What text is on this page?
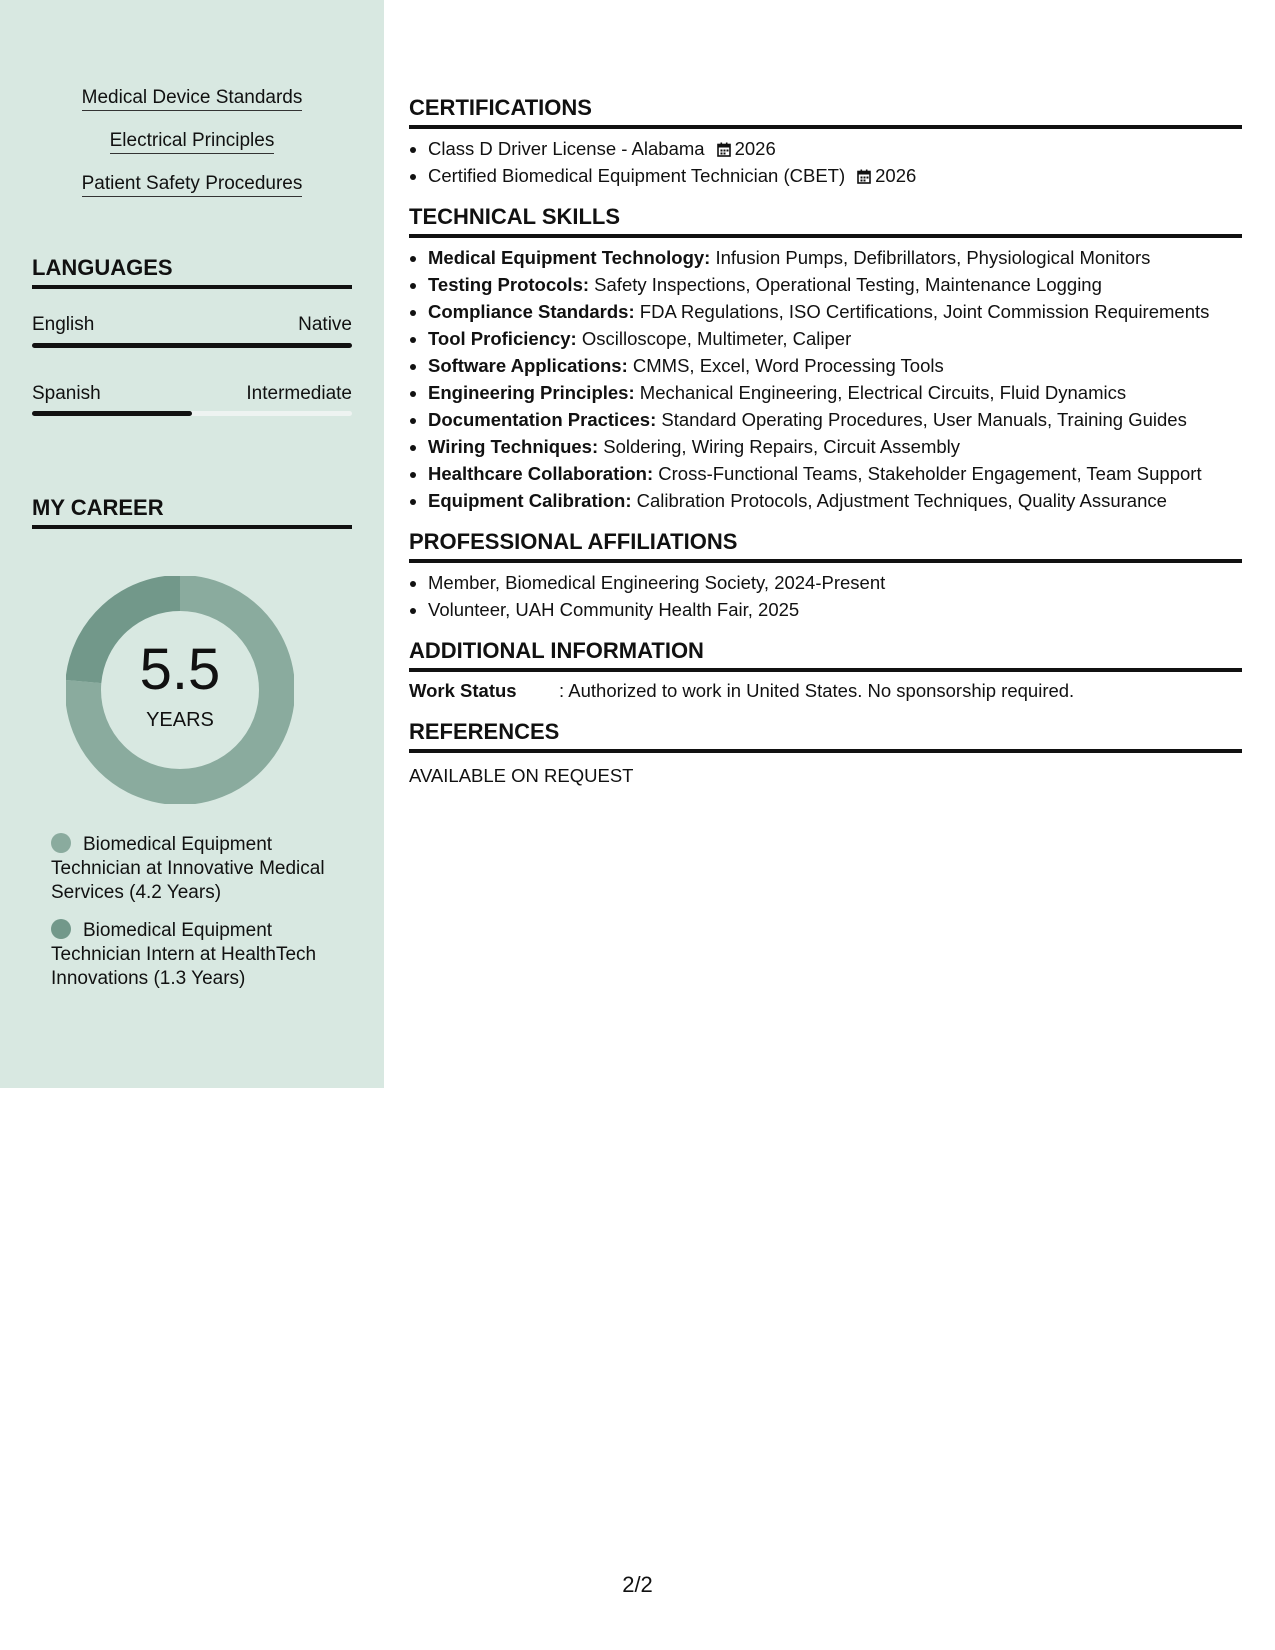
Medical Device Standards
Electrical Principles
Patient Safety Procedures
LANGUAGES
English	Native
Spanish	Intermediate
MY CAREER
5.5
YEARS
Biomedical Equipment Technician at Innovative Medical Services (4.2 Years)
Biomedical Equipment Technician Intern at HealthTech Innovations (1.3 Years)
CERTIFICATIONS
• Class D Driver License - Alabama 2026
• Certified Biomedical Equipment Technician (CBET) 2026
TECHNICAL SKILLS
• Medical Equipment Technology: Infusion Pumps, Defibrillators, Physiological Monitors
• Testing Protocols: Safety Inspections, Operational Testing, Maintenance Logging
• Compliance Standards: FDA Regulations, ISO Certifications, Joint Commission Requirements
• Tool Proficiency: Oscilloscope, Multimeter, Caliper
• Software Applications: CMMS, Excel, Word Processing Tools
• Engineering Principles: Mechanical Engineering, Electrical Circuits, Fluid Dynamics
• Documentation Practices: Standard Operating Procedures, User Manuals, Training Guides
• Wiring Techniques: Soldering, Wiring Repairs, Circuit Assembly
• Healthcare Collaboration: Cross-Functional Teams, Stakeholder Engagement, Team Support
• Equipment Calibration: Calibration Protocols, Adjustment Techniques, Quality Assurance
PROFESSIONAL AFFILIATIONS
• Member, Biomedical Engineering Society, 2024-Present
• Volunteer, UAH Community Health Fair, 2025
ADDITIONAL INFORMATION
Work Status	: Authorized to work in United States. No sponsorship required.
REFERENCES

AVAILABLE ON REQUEST

2/2
